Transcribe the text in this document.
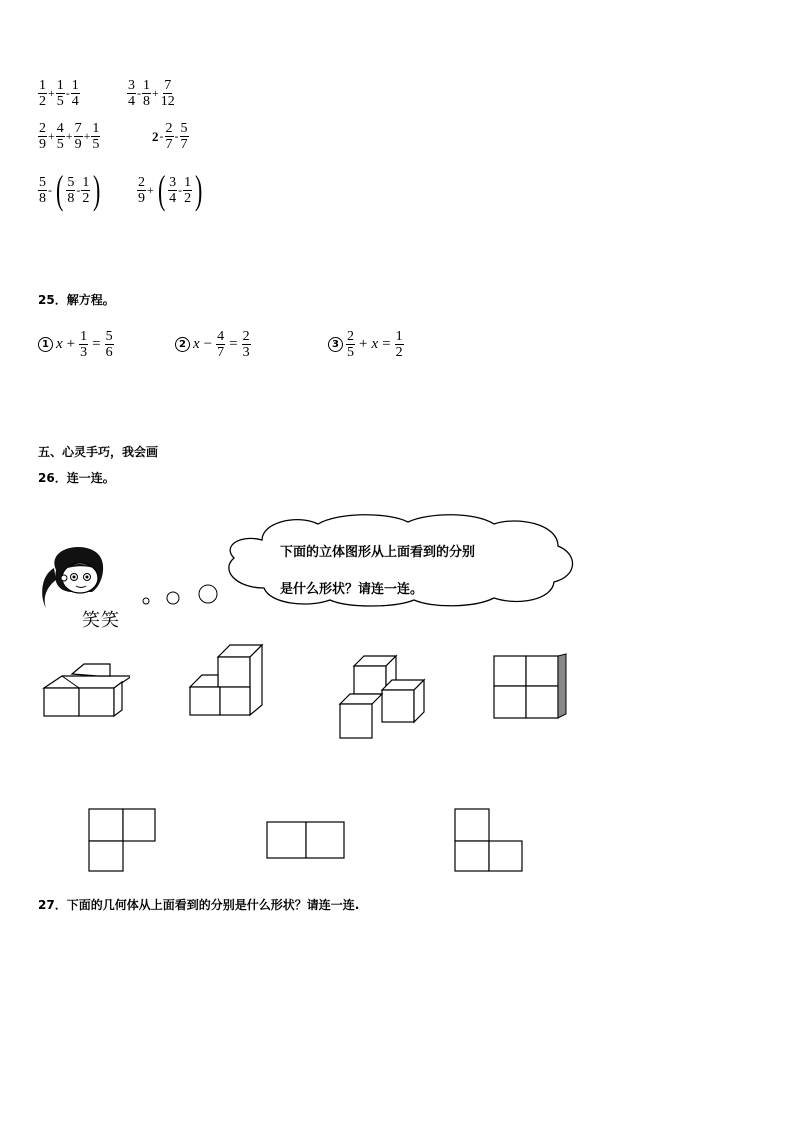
$\frac{1}{2} + \frac{1}{5} - \frac{1}{4}$	$\frac{3}{4} - \frac{1}{8} + \frac{7}{12}$
$\frac{2}{9} + \frac{4}{5} + \frac{7}{9} + \frac{1}{5}$	$2 - \frac{2}{7} - \frac{5}{7}$
$\frac{5}{8}$ - ( $\frac{5}{8} - \frac{1}{2}$ )	$\frac{2}{9}$ + ( $\frac{3}{4} - \frac{1}{2}$ )
25．解方程。
1 $x + \frac{1}{3} = \frac{5}{6}$	2 $x - \frac{4}{7} = \frac{2}{3}$	$3 \frac{2}{5} + x = \frac{1}{2}$
五、心灵手巧，我会画
26．连一连。
笑笑
下面的立体图形从上面看到的分别
是什么形状？请连一连。
27．下面的几何体从上面看到的分别是什么形状？请连一连.
